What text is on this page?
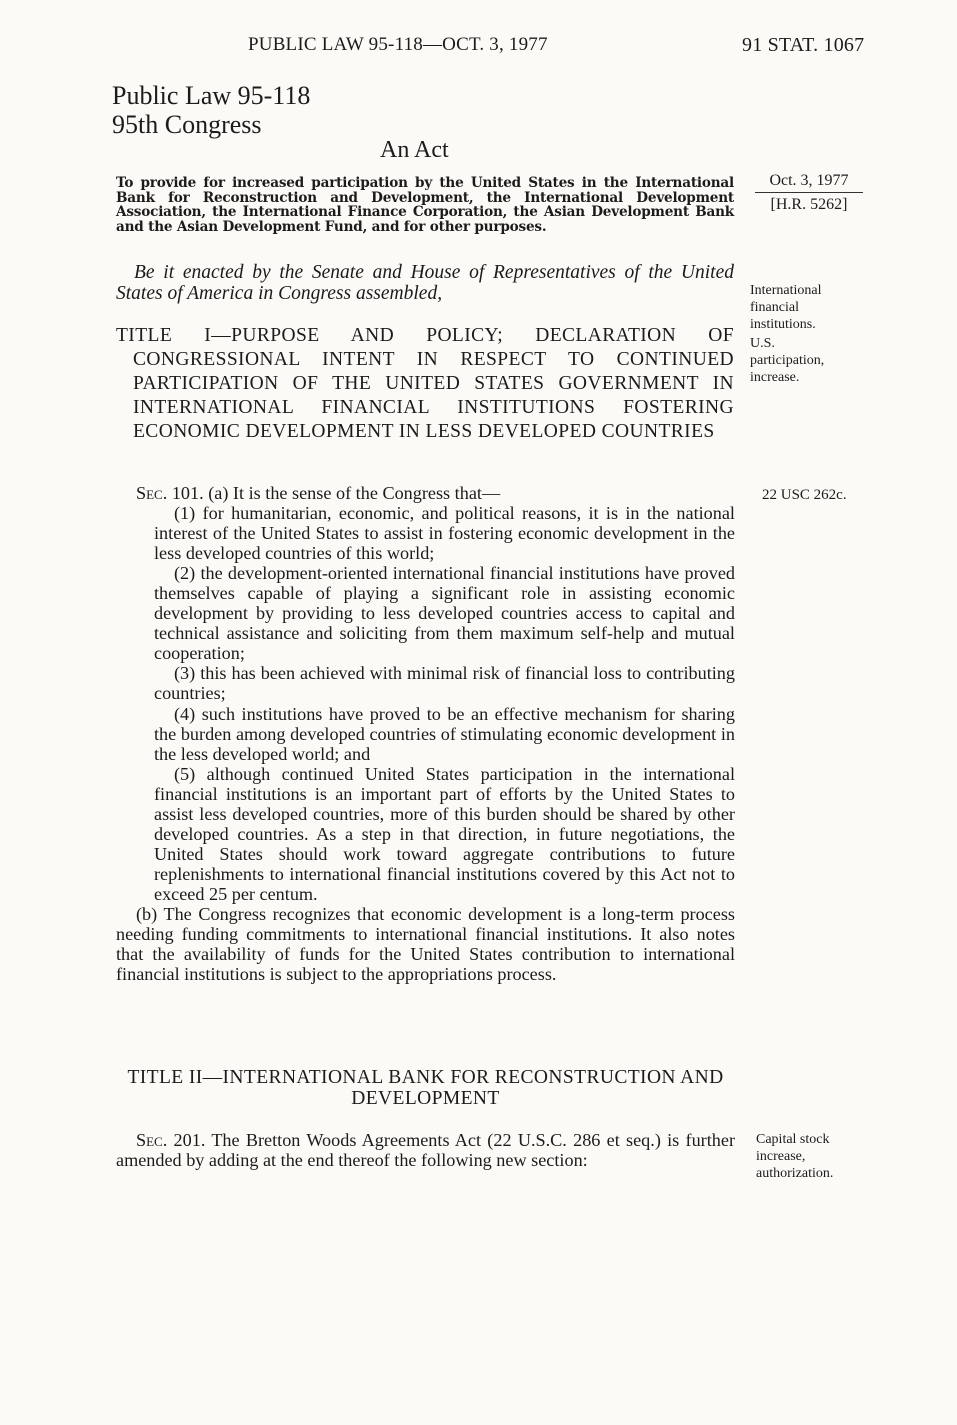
PUBLIC LAW 95-118—OCT. 3, 1977	91 STAT. 1067
Public Law 95-118
95th Congress
An Act
To provide for increased participation by the United States in the International Bank for Reconstruction and Development, the International Development Association, the International Finance Corporation, the Asian Development Bank and the Asian Development Fund, and for other purposes.
Oct. 3, 1977
[H.R. 5262]
Be it enacted by the Senate and House of Representatives of the United States of America in Congress assembled,	International financial institutions.
U.S. participation, increase.
TITLE I—PURPOSE AND POLICY; DECLARATION OF CONGRESSIONAL INTENT IN RESPECT TO CONTINUED PARTICIPATION OF THE UNITED STATES GOVERNMENT IN INTERNATIONAL FINANCIAL INSTITUTIONS FOSTERING ECONOMIC DEVELOPMENT IN LESS DEVELOPED COUNTRIES

Sec. 101. (a) It is the sense of the Congress that—

(1) for humanitarian, economic, and political reasons, it is in the national interest of the United States to assist in fostering economic development in the less developed countries of this world;

(2) the development-oriented international financial institutions have proved themselves capable of playing a significant role in assisting economic development by providing to less developed countries access to capital and technical assistance and soliciting from them maximum self-help and mutual cooperation;

(3) this has been achieved with minimal risk of financial loss to contributing countries;

(4) such institutions have proved to be an effective mechanism for sharing the burden among developed countries of stimulating economic development in the less developed world; and

(5) although continued United States participation in the international financial institutions is an important part of efforts by the United States to assist less developed countries, more of this burden should be shared by other developed countries. As a step in that direction, in future negotiations, the United States should work toward aggregate contributions to future replenishments to international financial institutions covered by this Act not to exceed 25 per centum.

(b) The Congress recognizes that economic development is a long-term process needing funding commitments to international financial institutions. It also notes that the availability of funds for the United States contribution to international financial institutions is subject to the appropriations process.

22 USC 262c.
TITLE II—INTERNATIONAL BANK FOR RECONSTRUCTION AND DEVELOPMENT
Sec. 201. The Bretton Woods Agreements Act (22 U.S.C. 286 et seq.) is further amended by adding at the end thereof the following new section:
Capital stock increase, authorization.
